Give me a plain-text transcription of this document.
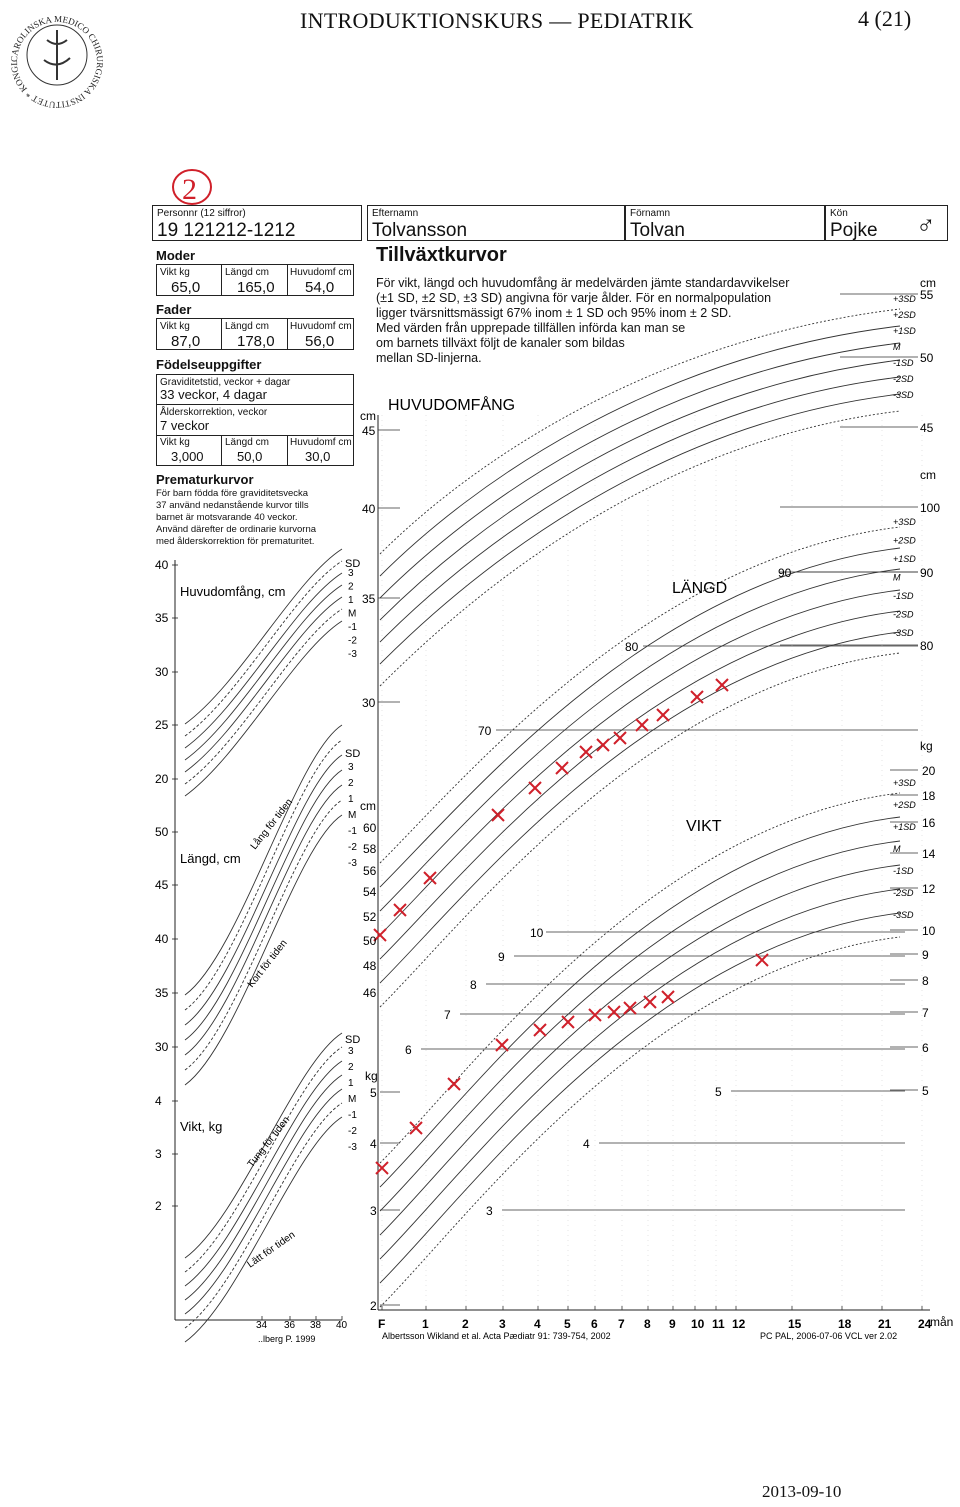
CAROLINSKA MEDICO CHIRURGISKA INSTITUTET * KONGL
INTRODUKTIONSKURS — PEDIATRIK	4 (21)
Personnr (12 siffror)
19 121212-1212
Efternamn
Tolvansson
Förnamn
Tolvan
Kön
Pojke ♂
Moder
Vikt kg	Längd cm Huvudomf cm
65,0 165,0 54,0
Fader
Vikt kg	Längd cm Huvudomf cm
87,0 178,0 56,0
Födelseuppgifter
Graviditetstid, veckor + dagar
33 veckor, 4 dagar
Ålderskorrektion, veckor
7 veckor
Vikt kg	Längd cm Huvudomf cm
3,000	50,0	30,0
Prematurkurvor
För barn födda före graviditetsvecka
37 använd nedanstående kurvor tills
barnet är motsvarande 40 veckor.
Använd därefter de ordinarie kurvorna
med ålderskorrektion för prematuritet.
Tillväxtkurvor
För vikt, längd och huvudomfång är medelvärden jämte standardavvikelser
(±1 SD, ±2 SD, ±3 SD) angivna för varje ålder. För en normalpopulation
ligger tvärsnittsmässigt 67% inom ± 1 SD och 95% inom ± 2 SD.
Med värden från upprepade tillfällen införda kan man se
om barnets tillväxt följt de kanaler som bildas
mellan SD-linjerna.
2
HUVUDOMFÅNG
LÄNGD
VIKT
Huvudomfång, cm
Längd, cm
Vikt, kg
Lång för tiden
Kort för tiden
Tung för tiden
Lätt för tiden
SD
SD
SD
3
2
1
M
-1
-2
-3
3
2
1
M
-1
-2
-3
3
2
1
M
-1
-2
-3
+3SD
+2SD
+1SD
M
-1SD
-2SD
-3SD
+3SD
+2SD
+1SD
M
-1SD
-2SD
-3SD
+3SD
+2SD
+1SD
M
-1SD
-2SD
-3SD
cm
cm
cm
kg
cm
kg
mån
40
35
30
25
20
50
45
40
35
30
4
3
2
34 36 38 40
45
40
35
30
55
50
45
100
90
80
90
80
70
60
58
56
54
52
50
48
46
20
18
16
14
12
10
9
8
7
6
5
10
9
8
7
6
5
4
3
5
4
3
2
F	1	2	3 4 5 6 7 8 9 10 11 12	15	18 21 24
..lberg P. 1999	Albertsson Wikland et al. Acta Pædiatr 91: 739-754, 2002	PC PAL, 2006-07-06 VCL ver 2.02
2013-09-10
